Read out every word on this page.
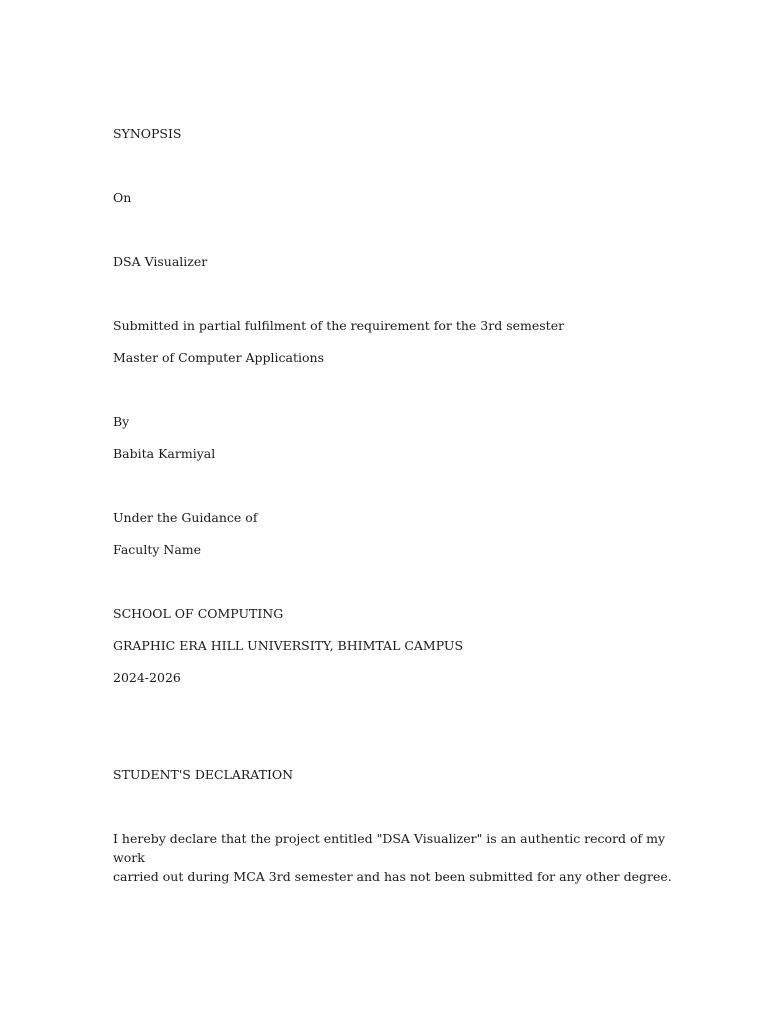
SYNOPSIS
On
DSA Visualizer
Submitted in partial fulfilment of the requirement for the 3rd semester
Master of Computer Applications
By
Babita Karmiyal
Under the Guidance of
Faculty Name
SCHOOL OF COMPUTING
GRAPHIC ERA HILL UNIVERSITY, BHIMTAL CAMPUS
2024-2026
STUDENT'S DECLARATION
I hereby declare that the project entitled "DSA Visualizer" is an authentic record of my work
carried out during MCA 3rd semester and has not been submitted for any other degree.
